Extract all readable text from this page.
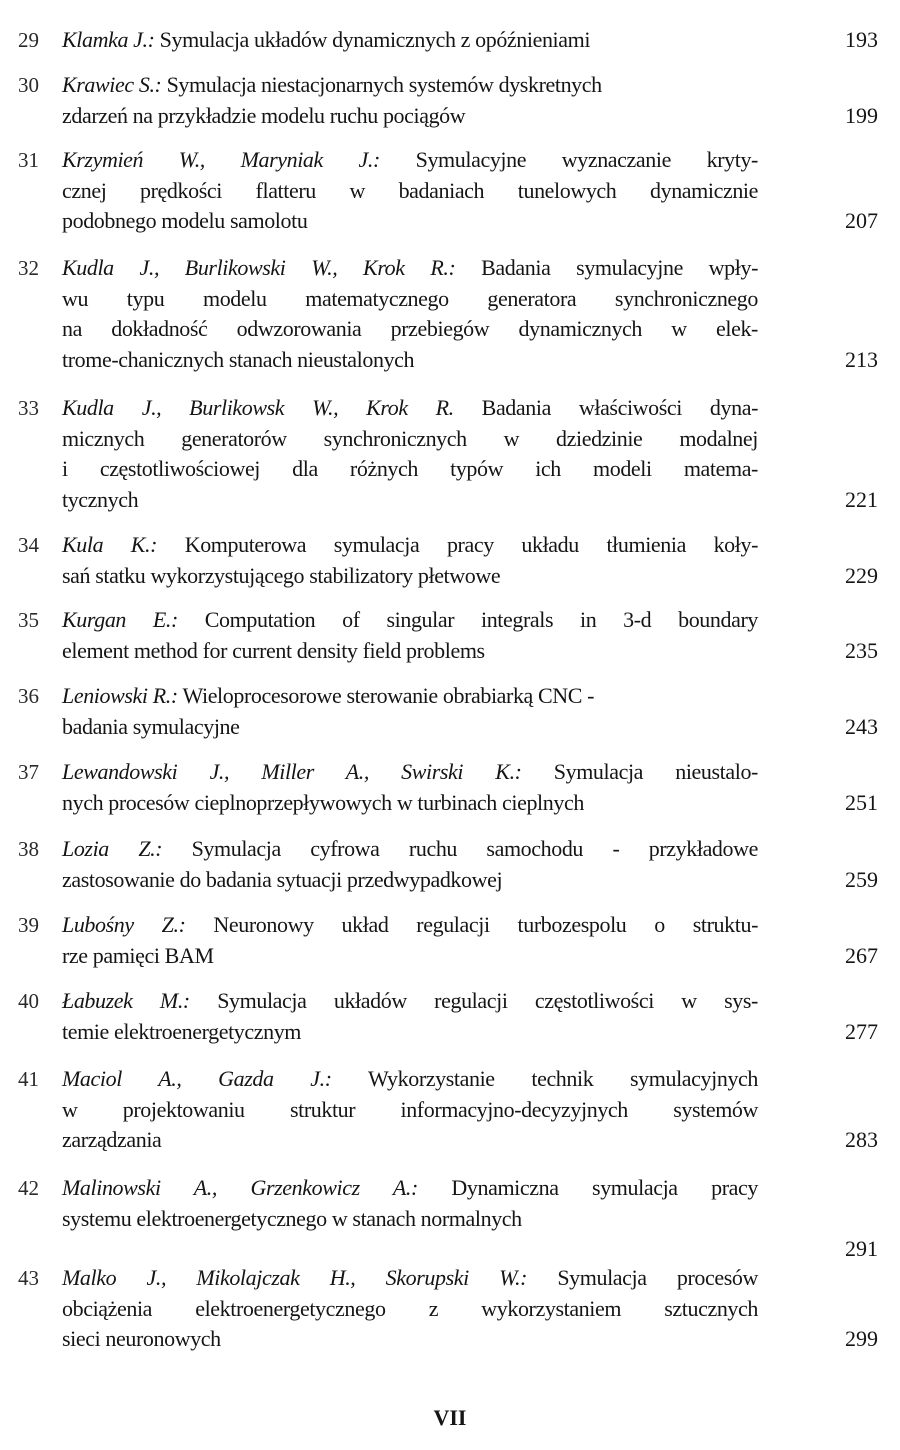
29	Klamka J.: Symulacja układów dynamicznych z opóźnieniami	193
30	Krawiec S.: Symulacja niestacjonarnych systemów dyskretnych
zdarzeń na przykładzie modelu ruchu pociągów	199
31	Krzymień W., Maryniak J.: Symulacyjne wyznaczanie kryty-
cznej prędkości flatteru w badaniach tunelowych dynamicznie
podobnego modelu samolotu	207
32	Kudla J., Burlikowski W., Krok R.: Badania symulacyjne wpły-
wu typu modelu matematycznego generatora synchronicznego
na dokładność odwzorowania przebiegów dynamicznych w elek-
trome-chanicznych stanach nieustalonych	213
33	Kudla J., Burlikowsk W., Krok R. Badania właściwości dyna-
micznych generatorów synchronicznych w dziedzinie modalnej
i częstotliwościowej dla różnych typów ich modeli matema-
tycznych	221
34	Kula K.: Komputerowa symulacja pracy układu tłumienia koły-
sań statku wykorzystującego stabilizatory płetwowe	229
35	Kurgan E.: Computation of singular integrals in 3-d boundary
element method for current density field problems	235
36	Leniowski R.: Wieloprocesorowe sterowanie obrabiarką CNC -
badania symulacyjne	243
37	Lewandowski J., Miller A., Swirski K.: Symulacja nieustalo-
nych procesów cieplnoprzepływowych w turbinach cieplnych	251
38	Lozia Z.: Symulacja cyfrowa ruchu samochodu - przykładowe
zastosowanie do badania sytuacji przedwypadkowej	259
39	Lubośny Z.: Neuronowy układ regulacji turbozespolu o struktu-
rze pamięci BAM	267
40	Łabuzek M.: Symulacja układów regulacji częstotliwości w sys-
temie elektroenergetycznym	277
41	Maciol A., Gazda J.: Wykorzystanie technik symulacyjnych
w projektowaniu struktur informacyjno-decyzyjnych systemów
zarządzania	283
42	Malinowski A., Grzenkowicz A.: Dynamiczna symulacja pracy
systemu elektroenergetycznego w stanach normalnych
291
43	Malko J., Mikolajczak H., Skorupski W.: Symulacja procesów
obciążenia elektroenergetycznego z wykorzystaniem sztucznych
sieci neuronowych	299
VII
